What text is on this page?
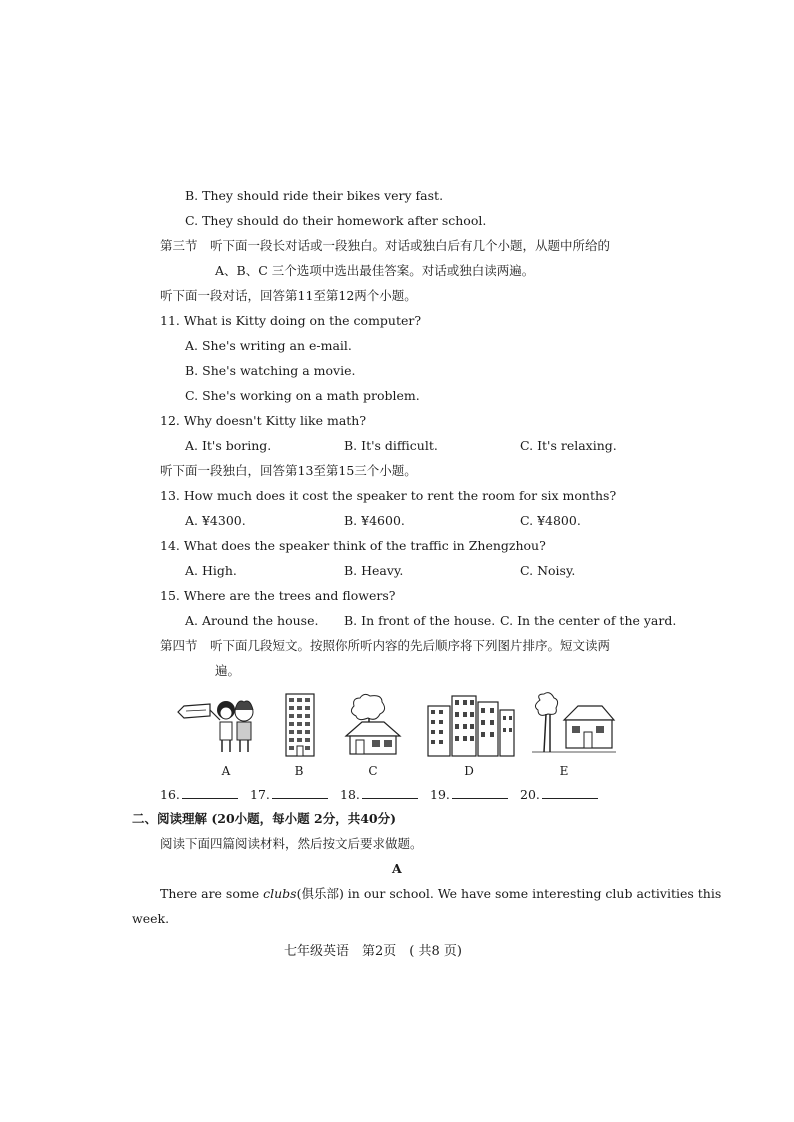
B. They should ride their bikes very fast.
C. They should do their homework after school.
第三节　听下面一段长对话或一段独白。对话或独白后有几个小题，从题中所给的
A、B、C 三个选项中选出最佳答案。对话或独白读两遍。
听下面一段对话，回答第11至第12两个小题。
11. What is Kitty doing on the computer?
A. She's writing an e-mail.
B. She's watching a movie.
C. She's working on a math problem.
12. Why doesn't Kitty like math?
A. It's boring.	B. It's difficult.	C. It's relaxing.
听下面一段独白，回答第13至第15三个小题。
13. How much does it cost the speaker to rent the room for six months?
A. ¥4300.	B. ¥4600.	C. ¥4800.
14. What does the speaker think of the traffic in Zhengzhou?
A. High.	B. Heavy.	C. Noisy.
15. Where are the trees and flowers?
A. Around the house. B. In front of the house. C. In the center of the yard.
第四节　听下面几段短文。按照你所听内容的先后顺序将下列图片排序。短文读两
遍。
A	B	C	D	E
16.	17.	18.	19.	20.
二、阅读理解 (20小题，每小题 2分，共40分)
阅读下面四篇阅读材料，然后按文后要求做题。
A
There are some clubs(俱乐部) in our school. We have some interesting club activities this
week.
七年级英语　第2页　( 共8 页)
